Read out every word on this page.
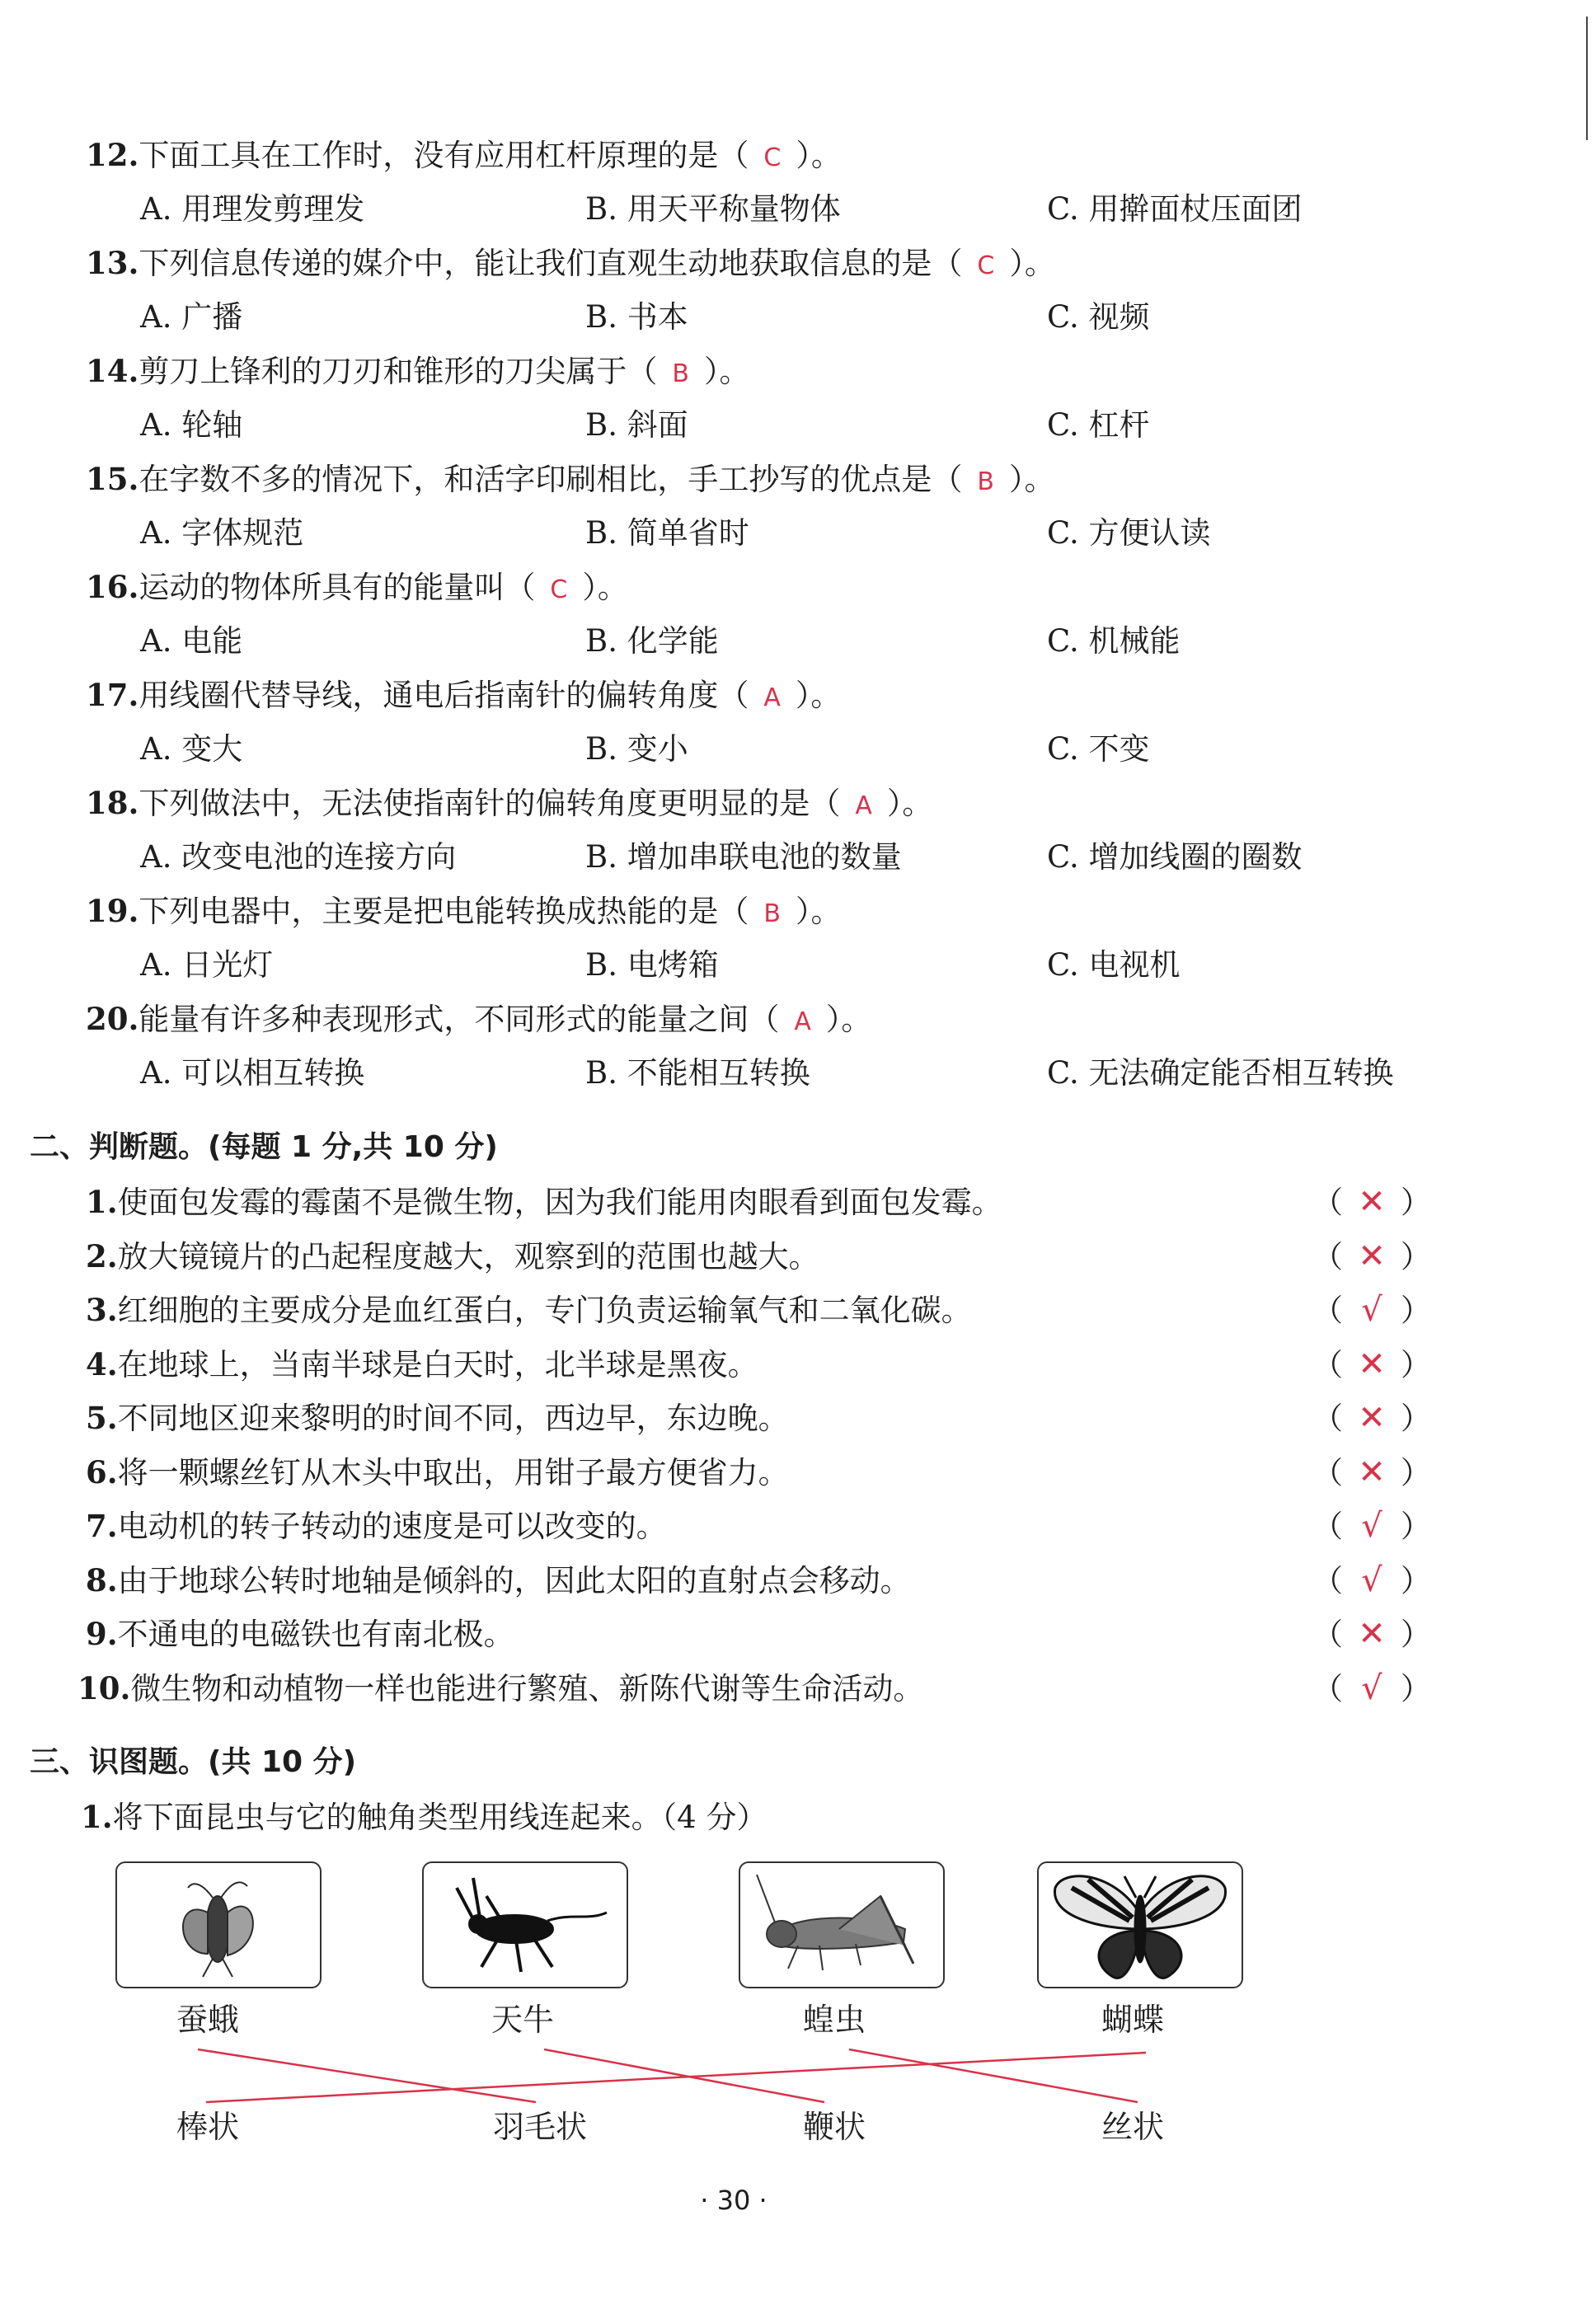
12.下面工具在工作时，没有应用杠杆原理的是（ C ）。
A. 用理发剪理发	B. 用天平称量物体	C. 用擀面杖压面团
13.下列信息传递的媒介中，能让我们直观生动地获取信息的是（ C ）。
A. 广播	B. 书本	C. 视频
14.剪刀上锋利的刀刃和锥形的刀尖属于（ B ）。
A. 轮轴	B. 斜面	C. 杠杆
15.在字数不多的情况下，和活字印刷相比，手工抄写的优点是（ B ）。
A. 字体规范	B. 简单省时	C. 方便认读
16.运动的物体所具有的能量叫（ C ）。
A. 电能	B. 化学能	C. 机械能
17.用线圈代替导线，通电后指南针的偏转角度（ A ）。
A. 变大	B. 变小	C. 不变
18.下列做法中，无法使指南针的偏转角度更明显的是（ A ）。
A. 改变电池的连接方向	B. 增加串联电池的数量	C. 增加线圈的圈数
19.下列电器中，主要是把电能转换成热能的是（ B ）。
A. 日光灯	B. 电烤箱	C. 电视机
20.能量有许多种表现形式，不同形式的能量之间（ A ）。
A. 可以相互转换	B. 不能相互转换	C. 无法确定能否相互转换
二、判断题。(每题 1 分,共 10 分)
1.使面包发霉的霉菌不是微生物，因为我们能用肉眼看到面包发霉。	（ ✕ ）
2.放大镜镜片的凸起程度越大，观察到的范围也越大。	（ ✕ ）
3.红细胞的主要成分是血红蛋白，专门负责运输氧气和二氧化碳。	（ √ ）
4.在地球上，当南半球是白天时，北半球是黑夜。	（ ✕ ）
5.不同地区迎来黎明的时间不同，西边早，东边晚。	（ ✕ ）
6.将一颗螺丝钉从木头中取出，用钳子最方便省力。	（ ✕ ）
7.电动机的转子转动的速度是可以改变的。	（ √ ）
8.由于地球公转时地轴是倾斜的，因此太阳的直射点会移动。	（ √ ）
9.不通电的电磁铁也有南北极。	（ ✕ ）
10.微生物和动植物一样也能进行繁殖、新陈代谢等生命活动。	（ √ ）
三、识图题。(共 10 分)
1.将下面昆虫与它的触角类型用线连起来。（4 分）
蚕蛾	天牛	蝗虫	蝴蝶
棒状	羽毛状	鞭状	丝状
· 30 ·
